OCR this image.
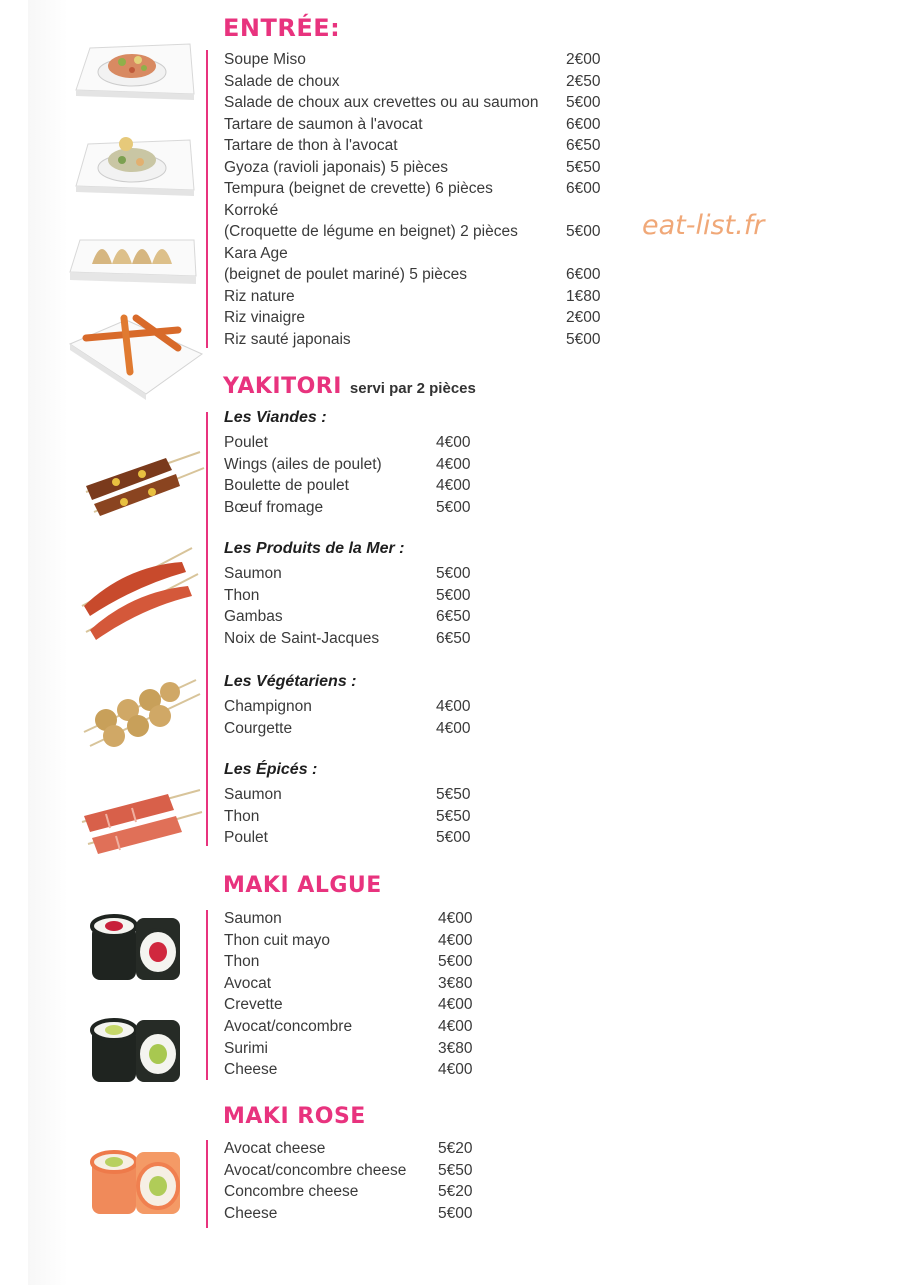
ENTRÉE:
Soupe Miso	2€00
Salade de choux	2€50
Salade de choux aux crevettes ou au saumon 5€00
Tartare de saumon à l'avocat	6€00
Tartare de thon à l'avocat	6€50
Gyoza (ravioli japonais) 5 pièces	5€50
Tempura (beignet de crevette) 6 pièces	6€00
Korroké
(Croquette de légume en beignet) 2 pièces	5€00
Kara Age
(beignet de poulet mariné) 5 pièces	6€00
Riz nature	1€80
Riz vinaigre	2€00
Riz sauté japonais	5€00
eat-list.fr
YAKITORI servi par 2 pièces
Les Viandes :
Poulet	4€00
Wings (ailes de poulet)	4€00
Boulette de poulet	4€00
Bœuf fromage	5€00
Les Produits de la Mer :
Saumon	5€00
Thon	5€00
Gambas	6€50
Noix de Saint-Jacques	6€50
Les Végétariens :
Champignon	4€00
Courgette	4€00
Les Épicés :
Saumon	5€50
Thon	5€50
Poulet	5€00
MAKI ALGUE
Saumon	4€00
Thon cuit mayo	4€00
Thon	5€00
Avocat	3€80
Crevette	4€00
Avocat/concombre	4€00
Surimi	3€80
Cheese	4€00
MAKI ROSE
Avocat cheese	5€20
Avocat/concombre cheese 5€50
Concombre cheese	5€20
Cheese	5€00
